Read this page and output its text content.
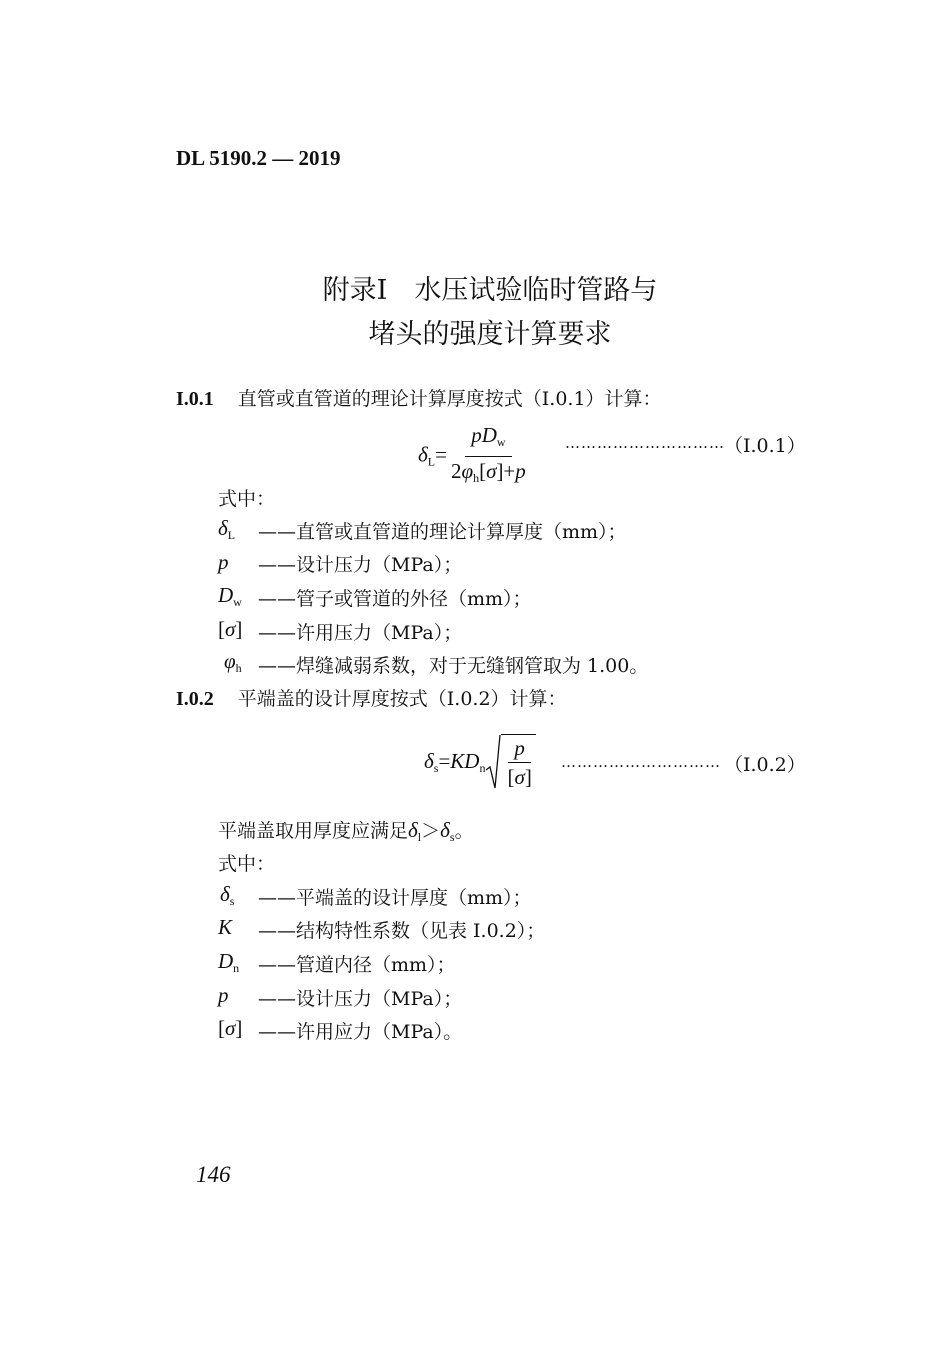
DL 5190.2 — 2019
附录I　水压试验临时管路与
堵头的强度计算要求
I.0.1 直管或直管道的理论计算厚度按式（I.0.1）计算：
$\delta_L= \frac{pD_w}{2\varphi_h[\sigma]+p}$ ………………………… （I.0.1）
式中：
$\delta_L$ ——直管或直管道的理论计算厚度（mm）；
p ——设计压力（MPa）；
$D_w$ ——管子或管道的外径（mm）；
[σ] ——许用压力（MPa）；
$\varphi_h$ ——焊缝减弱系数，对于无缝钢管取为 1.00。
I.0.2 平端盖的设计厚度按式（I.0.2）计算：
$\delta_s=KD_n \frac{p}{[\sigma]}$ ………………………… （I.0.2）
平端盖取用厚度应满足$\delta_l>\delta_s$。
式中：
$\delta_s$ ——平端盖的设计厚度（mm）；
K ——结构特性系数（见表 I.0.2）；
$D_n$ ——管道内径（mm）；
p ——设计压力（MPa）；
[σ] ——许用应力（MPa）。
146
